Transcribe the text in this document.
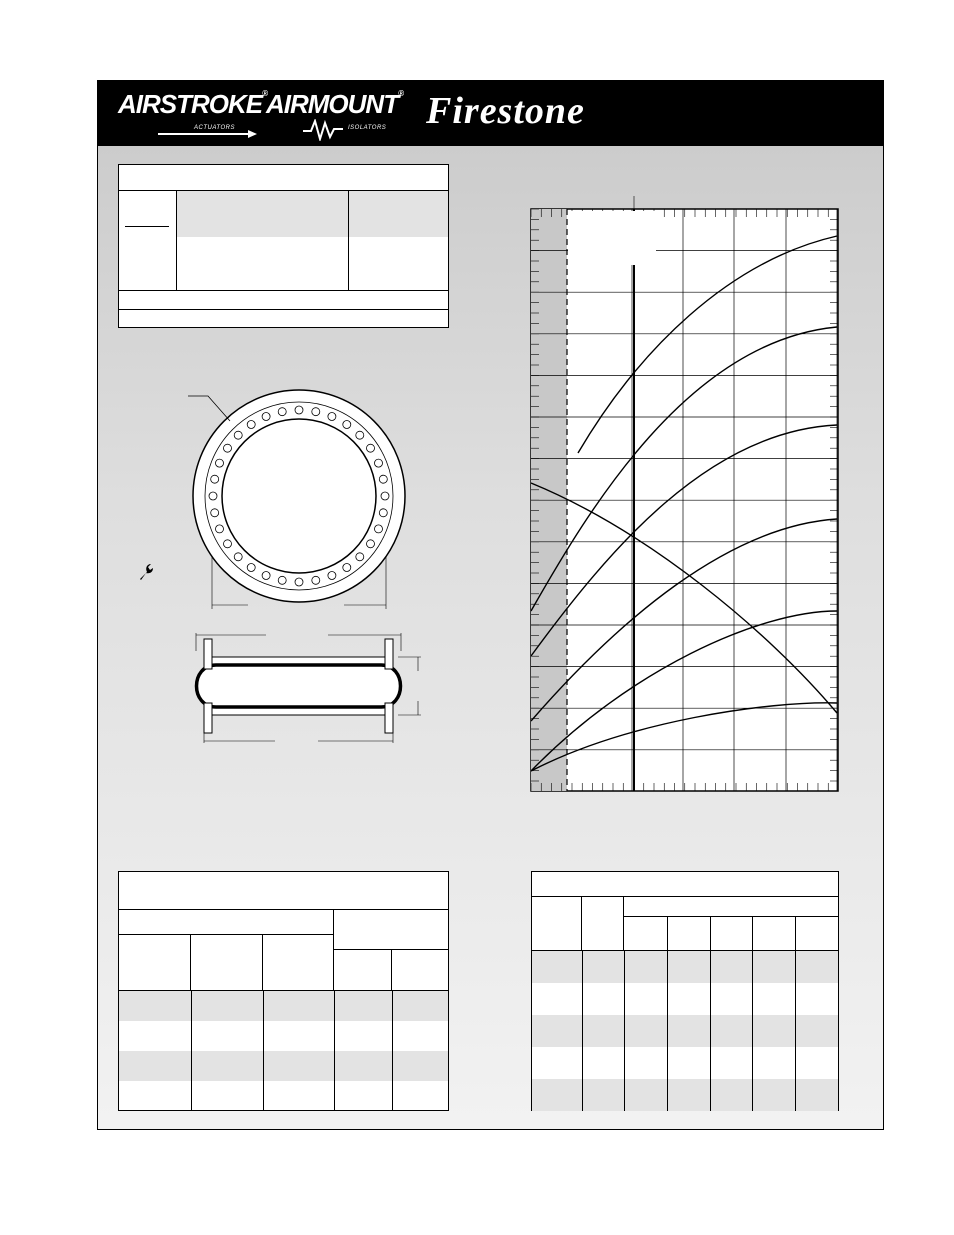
AIRSTROKE®
ACTUATORS
AIRMOUNT®
ISOLATORS Firestone
